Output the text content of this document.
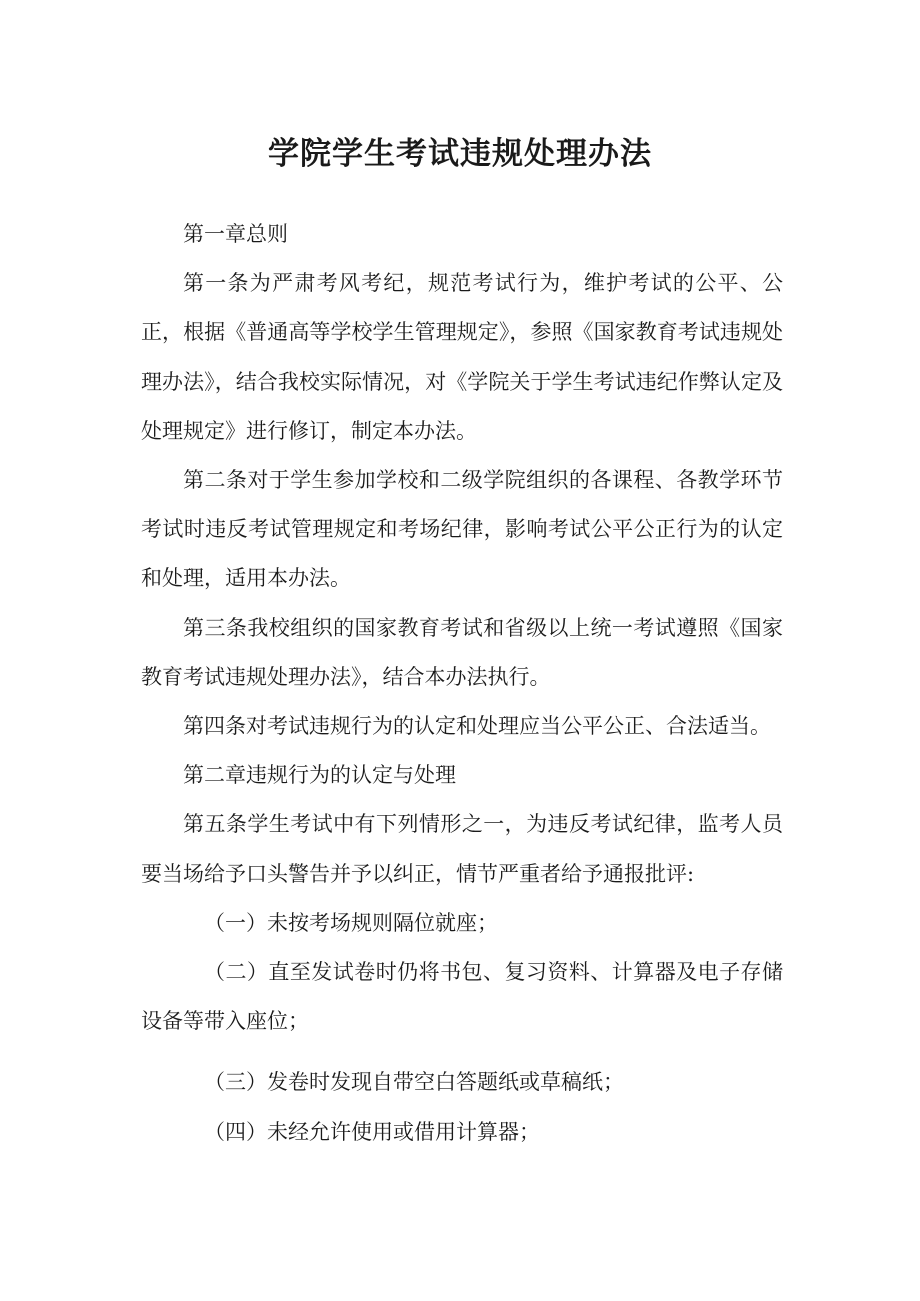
学院学生考试违规处理办法

第一章总则

第一条为严肃考风考纪，规范考试行为，维护考试的公平、公正，根据《普通高等学校学生管理规定》，参照《国家教育考试违规处理办法》，结合我校实际情况，对《学院关于学生考试违纪作弊认定及处理规定》进行修订，制定本办法。

第二条对于学生参加学校和二级学院组织的各课程、各教学环节考试时违反考试管理规定和考场纪律，影响考试公平公正行为的认定和处理，适用本办法。

第三条我校组织的国家教育考试和省级以上统一考试遵照《国家教育考试违规处理办法》，结合本办法执行。

第四条对考试违规行为的认定和处理应当公平公正、合法适当。

第二章违规行为的认定与处理

第五条学生考试中有下列情形之一，为违反考试纪律，监考人员要当场给予口头警告并予以纠正，情节严重者给予通报批评:

（一）未按考场规则隔位就座；

（二）直至发试卷时仍将书包、复习资料、计算器及电子存储设备等带入座位；

（三）发卷时发现自带空白答题纸或草稿纸；

（四）未经允许使用或借用计算器；
